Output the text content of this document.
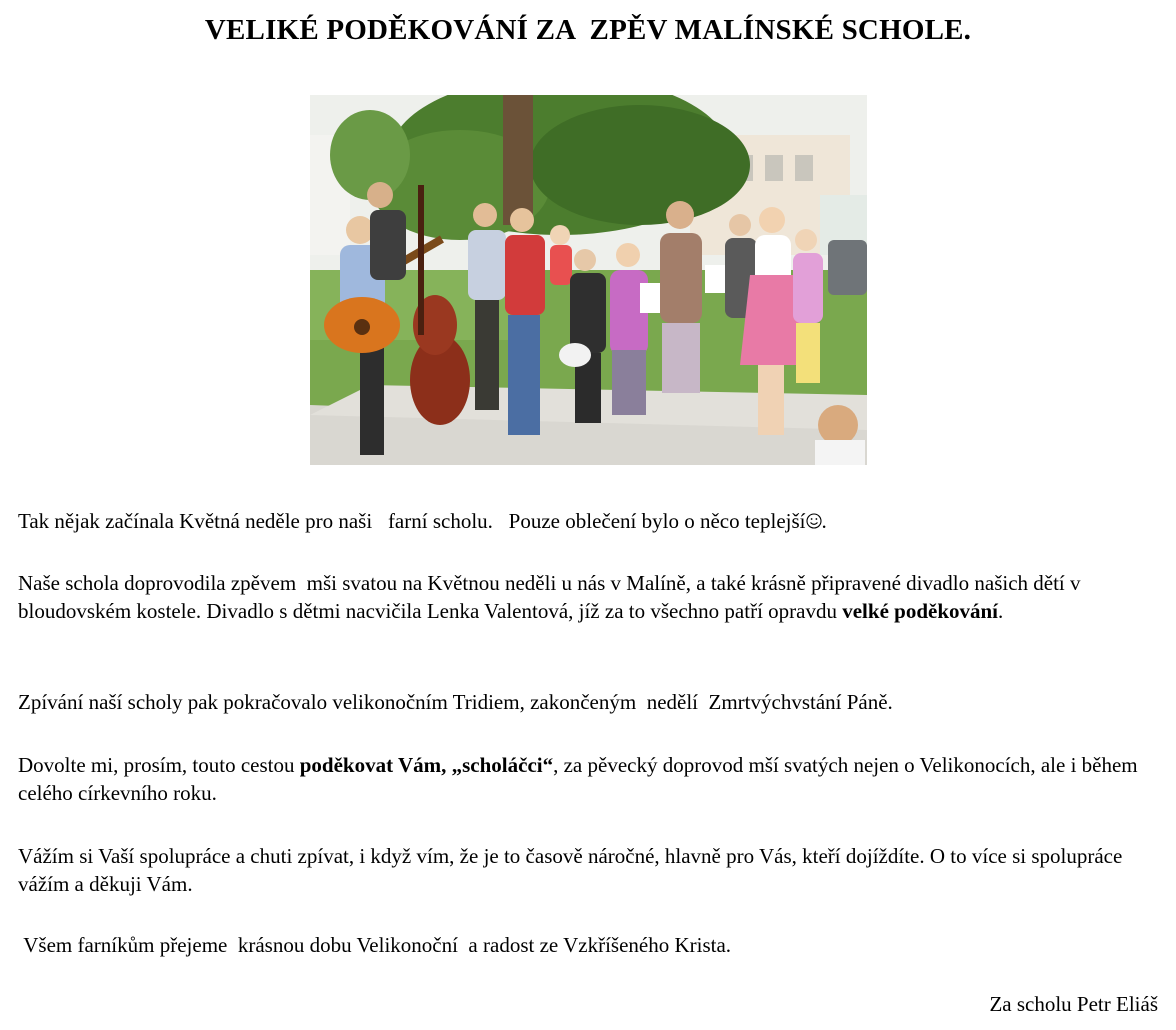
VELIKÉ PODĚKOVÁNÍ ZA  ZPĚV MALÍNSKÉ SCHOLE.
Tak nějak začínala Květná neděle pro naši   farní scholu.   Pouze oblečení bylo o něco teplejší .
Naše schola doprovodila zpěvem  mši svatou na Květnou neděli u nás v Malíně, a také krásně připravené divadlo našich dětí v bloudovském kostele. Divadlo s dětmi nacvičila Lenka Valentová, jíž za to všechno patří opravdu velké poděkování.
Zpívání naší scholy pak pokračovalo velikonočním Tridiem, zakončeným  nedělí  Zmrtvýchvstání Páně.
Dovolte mi, prosím, touto cestou poděkovat Vám, „scholáčci“, za pěvecký doprovod mší svatých nejen o Velikonocích, ale i během celého církevního roku.
Vážím si Vaší spolupráce a chuti zpívat, i když vím, že je to časově náročné, hlavně pro Vás, kteří dojíždíte. O to více si spolupráce  vážím a děkuji Vám.
Všem farníkům přejeme  krásnou dobu Velikonoční  a radost ze Vzkříšeného Krista.
Za scholu Petr Eliáš
